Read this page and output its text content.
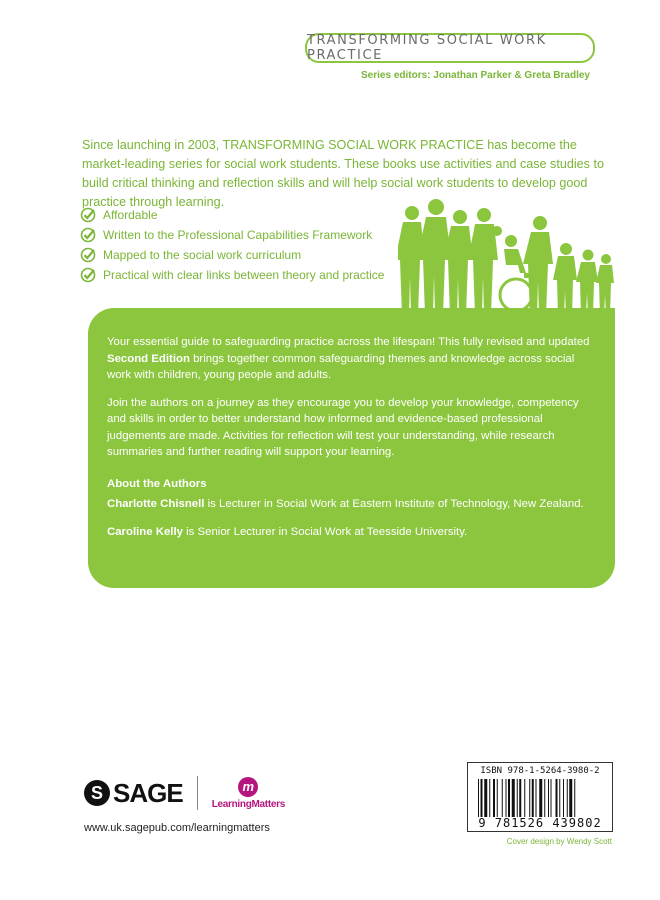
TRANSFORMING SOCIAL WORK PRACTICE
Series editors: Jonathan Parker & Greta Bradley
Since launching in 2003, TRANSFORMING SOCIAL WORK PRACTICE has become the market-leading series for social work students. These books use activities and case studies to build critical thinking and reflection skills and will help social work students to develop good practice through learning.
Affordable
Written to the Professional Capabilities Framework
Mapped to the social work curriculum
Practical with clear links between theory and practice

Your essential guide to safeguarding practice across the lifespan! This fully revised and updated Second Edition brings together common safeguarding themes and knowledge across social work with children, young people and adults.

Join the authors on a journey as they encourage you to develop your knowledge, competency and skills in order to better understand how informed and evidence-based professional judgements are made. Activities for reflection will test your understanding, while research summaries and further reading will support your learning.

About the Authors

Charlotte Chisnell is Lecturer in Social Work at Eastern Institute of Technology, New Zealand.

Caroline Kelly is Senior Lecturer in Social Work at Teesside University.

S SAGE	m
LearningMatters
www.uk.sagepub.com/learningmatters
ISBN 978-1-5264-3980-2
9 781526 439802
Cover design by Wendy Scott
